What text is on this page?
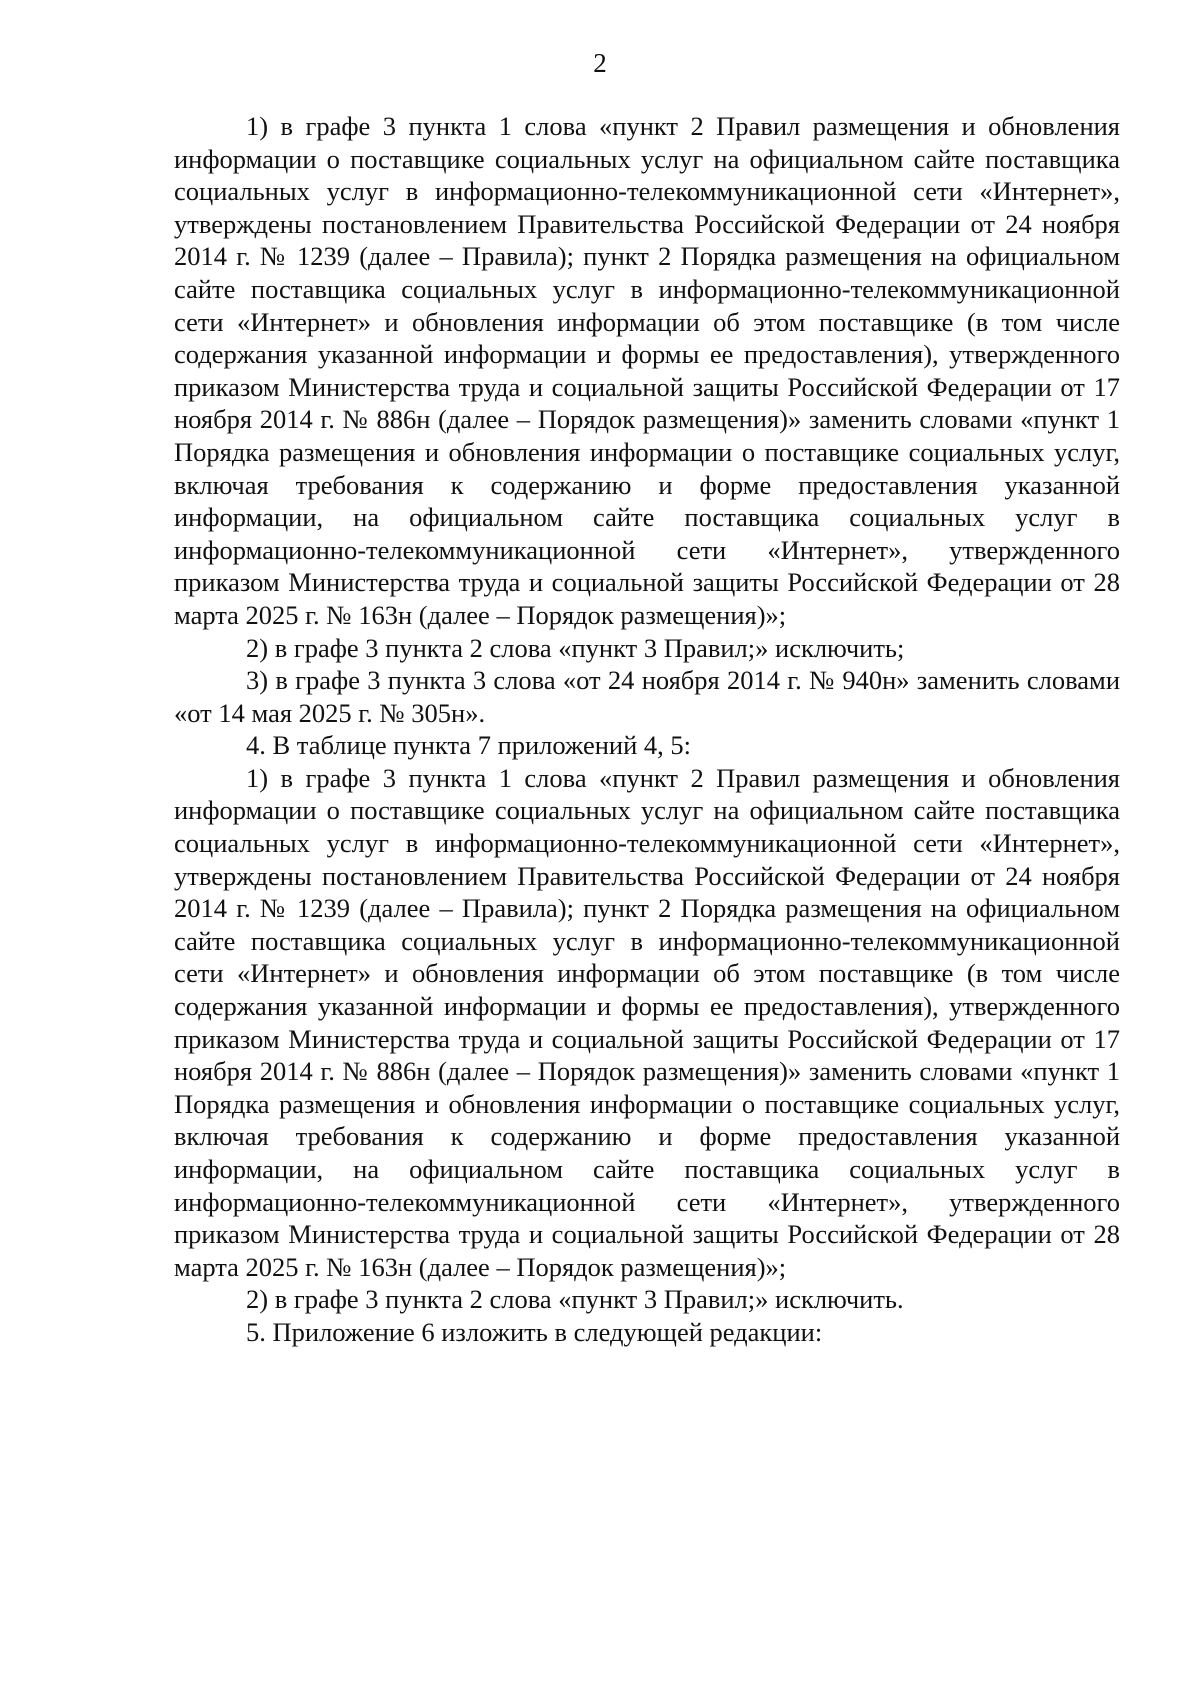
2

1) в графе 3 пункта 1 слова «пункт 2 Правил размещения и обновления информации о поставщике социальных услуг на официальном сайте поставщика социальных услуг в информационно-телекоммуникационной сети «Интернет», утверждены постановлением Правительства Российской Федерации от 24 ноября 2014 г. № 1239 (далее – Правила); пункт 2 Порядка размещения на официальном сайте поставщика социальных услуг в информационно-телекоммуникационной сети «Интернет» и обновления информации об этом поставщике (в том числе содержания указанной информации и формы ее предоставления), утвержденного приказом Министерства труда и социальной защиты Российской Федерации от 17 ноября 2014 г. № 886н (далее – Порядок размещения)» заменить словами «пункт 1 Порядка размещения и обновления информации о поставщике социальных услуг, включая требования к содержанию и форме предоставления указанной информации, на официальном сайте поставщика социальных услуг в информационно-телекоммуникационной сети «Интернет», утвержденного приказом Министерства труда и социальной защиты Российской Федерации от 28 марта 2025 г. № 163н (далее – Порядок размещения)»;

2) в графе 3 пункта 2 слова «пункт 3 Правил;» исключить;

3) в графе 3 пункта 3 слова «от 24 ноября 2014 г. № 940н» заменить словами «от 14 мая 2025 г. № 305н».

4. В таблице пункта 7 приложений 4, 5:

1) в графе 3 пункта 1 слова «пункт 2 Правил размещения и обновления информации о поставщике социальных услуг на официальном сайте поставщика социальных услуг в информационно-телекоммуникационной сети «Интернет», утверждены постановлением Правительства Российской Федерации от 24 ноября 2014 г. № 1239 (далее – Правила); пункт 2 Порядка размещения на официальном сайте поставщика социальных услуг в информационно-телекоммуникационной сети «Интернет» и обновления информации об этом поставщике (в том числе содержания указанной информации и формы ее предоставления), утвержденного приказом Министерства труда и социальной защиты Российской Федерации от 17 ноября 2014 г. № 886н (далее – Порядок размещения)» заменить словами «пункт 1 Порядка размещения и обновления информации о поставщике социальных услуг, включая требования к содержанию и форме предоставления указанной информации, на официальном сайте поставщика социальных услуг в информационно-телекоммуникационной сети «Интернет», утвержденного приказом Министерства труда и социальной защиты Российской Федерации от 28 марта 2025 г. № 163н (далее – Порядок размещения)»;

2) в графе 3 пункта 2 слова «пункт 3 Правил;» исключить.

5. Приложение 6 изложить в следующей редакции:
